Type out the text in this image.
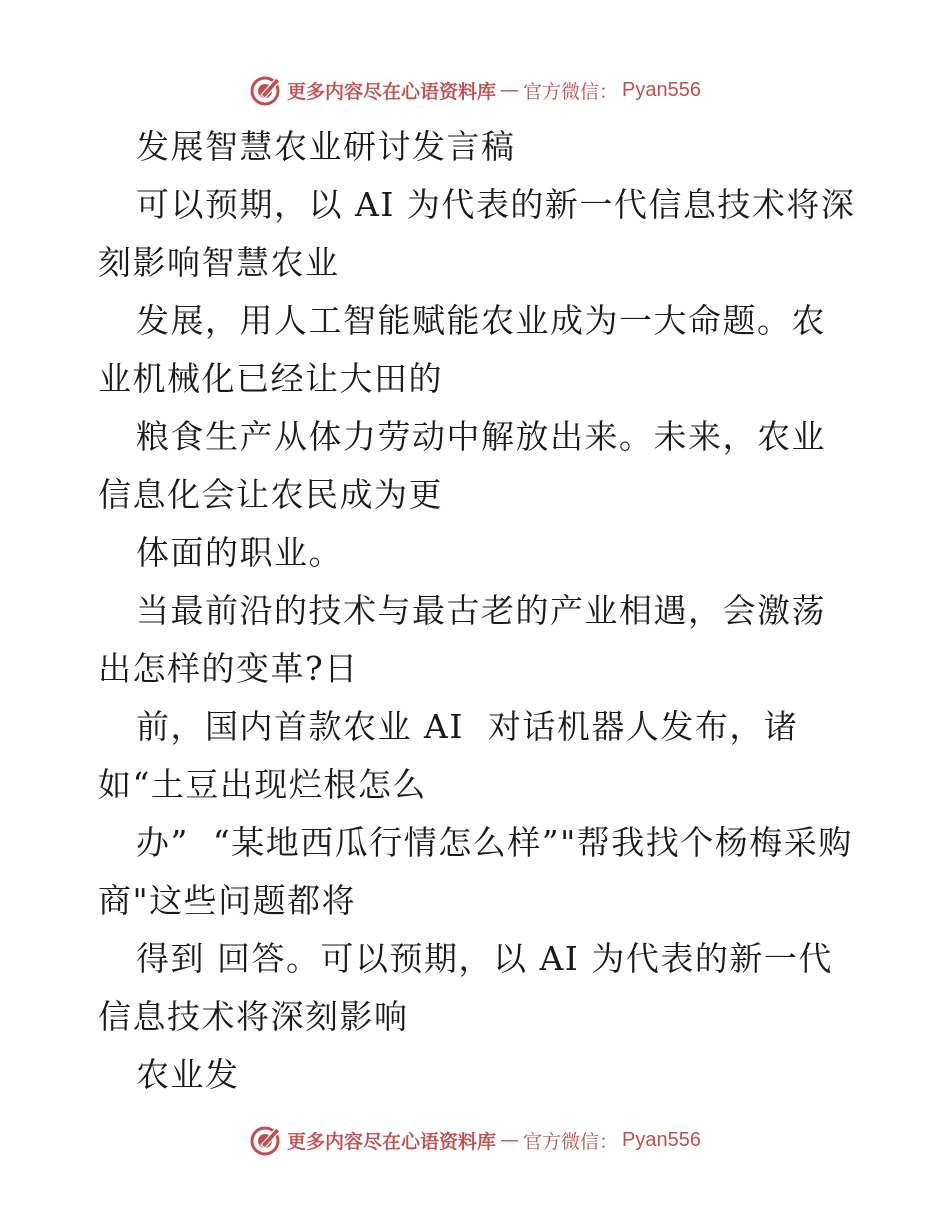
更多内容尽在心语资料库 — 官方微信： Pyan556

发展智慧农业研讨发言稿

可以预期，以 AI 为代表的新一代信息技术将深刻影响智慧农业

发展，用人工智能赋能农业成为一大命题。农业机械化已经让大田的

粮食生产从体力劳动中解放出来。未来，农业信息化会让农民成为更

体面的职业。

当最前沿的技术与最古老的产业相遇，会激荡出怎样的变革?日

前，国内首款农业 AI  对话机器人发布，诸 如“土豆出现烂根怎么

办”  “某地西瓜行情怎么样”"帮我找个杨梅采购商"这些问题都将

得到 回答。可以预期，以 AI 为代表的新一代信息技术将深刻影响

农业发

更多内容尽在心语资料库 — 官方微信： Pyan556
